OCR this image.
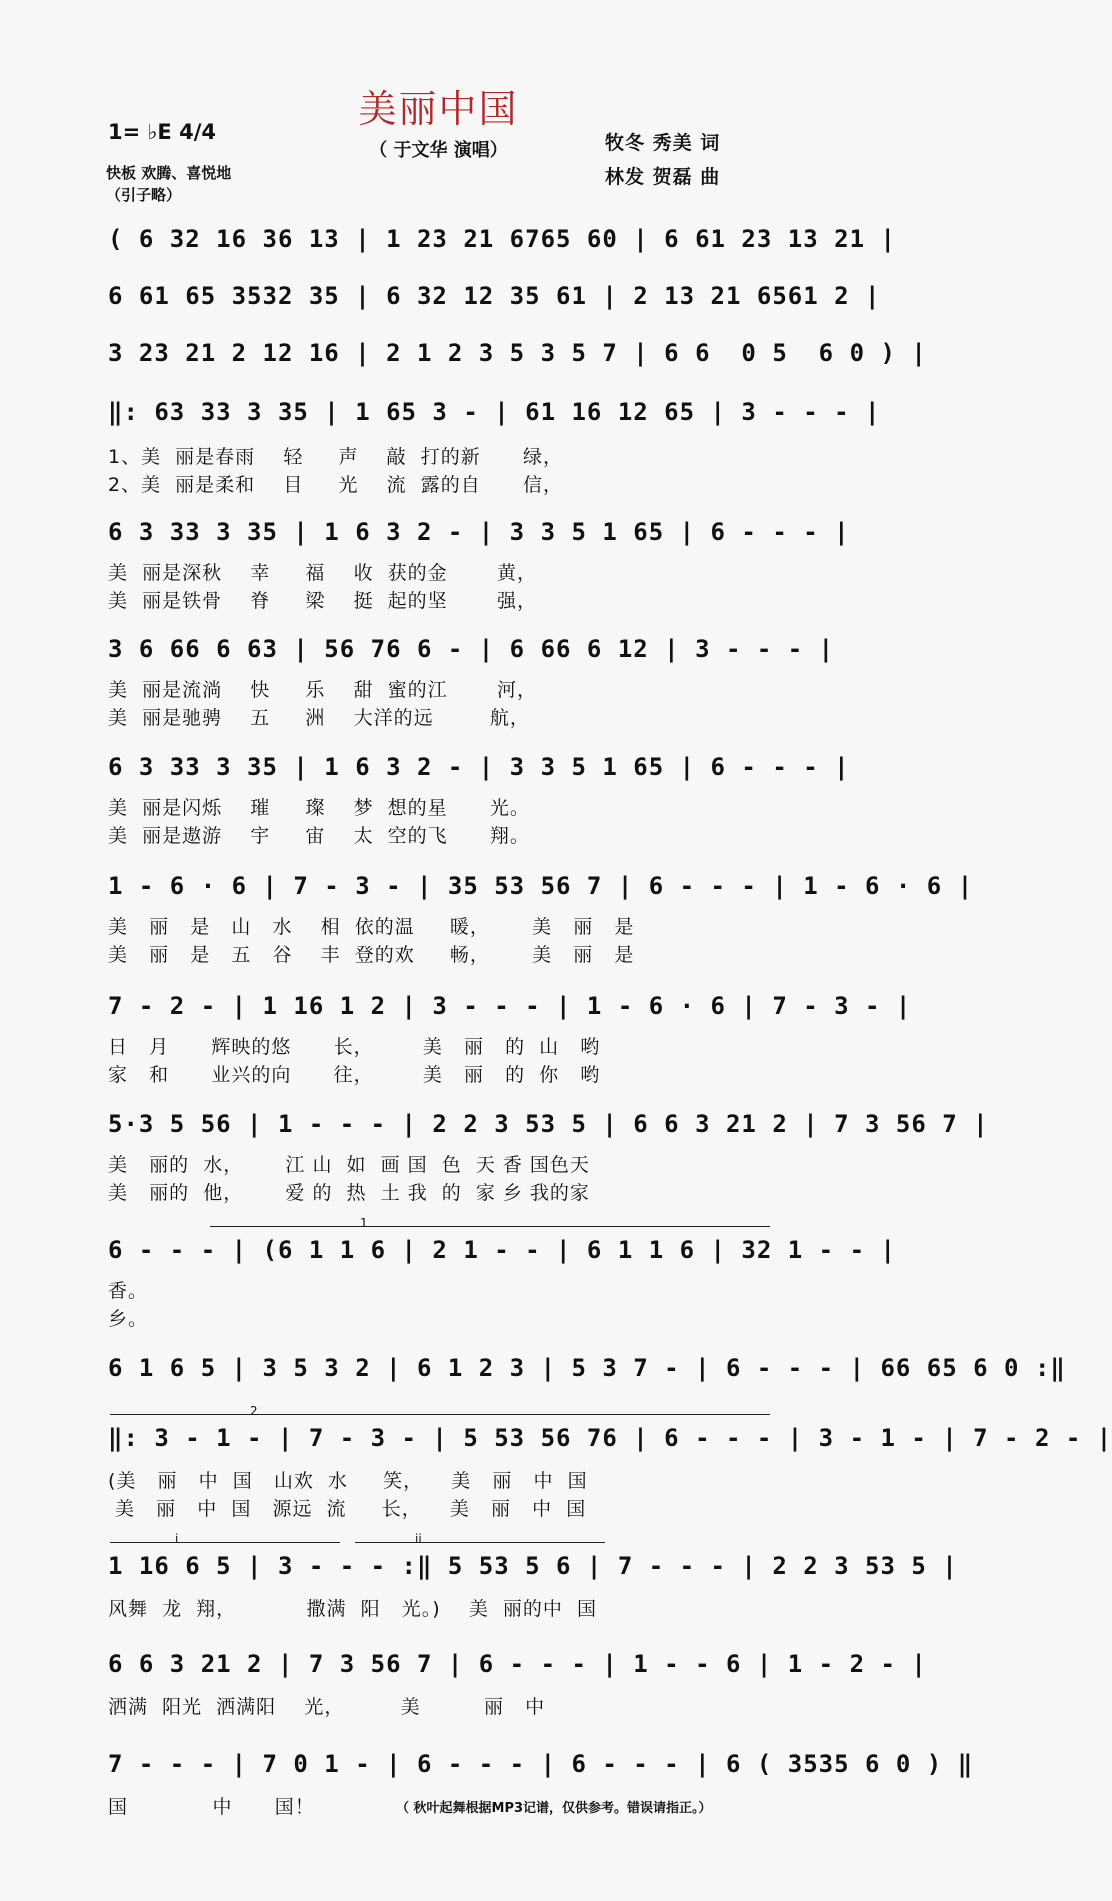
美丽中国
（ 于文华 演唱）
1= ♭E 4/4
快板 欢腾、喜悦地
（引子略）
牧冬 秀美 词
林发 贺磊 曲
( 6 32 16 36 13 | 1 23 21 6765 60 | 6 61 23 13 21 |
6 61 65 3532 35 | 6 32 12 35 61 | 2 13 21 6561 2 |
3 23 21 2 12 16 | 2 1 2 3 5 3 5 7 | 6 6  0 5  6 0 ) |
‖: 63 33 3 35 | 1 65 3 - | 61 16 12 65 | 3 - - - |
1、美  丽是春雨    轻     声    敲  打的新      绿，
2、美  丽是柔和    目     光    流  露的自      信，
6 3 33 3 35 | 1 6 3 2 - | 3 3 5 1 65 | 6 - - - |
美  丽是深秋    幸     福    收  获的金       黄，
美  丽是铁骨    脊     梁    挺  起的坚       强，
3 6 66 6 63 | 56 76 6 - | 6 66 6 12 | 3 - - - |
美  丽是流淌    快     乐    甜  蜜的江       河，
美  丽是驰骋    五     洲    大洋的远        航，
6 3 33 3 35 | 1 6 3 2 - | 3 3 5 1 65 | 6 - - - |
美  丽是闪烁    璀     璨    梦  想的星      光。
美  丽是遨游    宇     宙    太  空的飞      翔。
1 - 6 · 6 | 7 - 3 - | 35 53 56 7 | 6 - - - | 1 - 6 · 6 |
美   丽   是   山   水    相  依的温     暖，      美   丽   是
美   丽   是   五   谷    丰  登的欢     畅，      美   丽   是
7 - 2 - | 1 16 1 2 | 3 - - - | 1 - 6 · 6 | 7 - 3 - |
日   月      辉映的悠      长，       美   丽   的  山   哟
家   和      业兴的向      往，       美   丽   的  你   哟
5·3 5 56 | 1 - - - | 2 2 3 53 5 | 6 6 3 21 2 | 7 3 56 7 |
美   丽的  水，      江 山  如  画 国  色  天 香 国色天
美   丽的  他，      爱 的  热  土 我  的  家 乡 我的家
1
6 - - - | (6 1 1 6 | 2 1 - - | 6 1 1 6 | 32 1 - - |
香。
乡。
6 1 6 5 | 3 5 3 2 | 6 1 2 3 | 5 3 7 - | 6 - - - | 66 65 6 0 :‖
2
‖: 3 - 1 - | 7 - 3 - | 5 53 56 76 | 6 - - - | 3 - 1 - | 7 - 2 - |
(美   丽   中  国   山欢  水     笑，    美   丽   中  国
美   丽   中  国   源远  流     长，    美   丽   中  国
i	ii
1 16 6 5 | 3 - - - :‖ 5 53 5 6 | 7 - - - | 2 2 3 53 5 |
风舞  龙  翔，          撒满  阳   光。)    美  丽的中  国
6 6 3 21 2 | 7 3 56 7 | 6 - - - | 1 - - 6 | 1 - 2 - |
洒满  阳光  洒满阳    光，        美         丽   中
7 - - - | 7 0 1 - | 6 - - - | 6 - - - | 6 ( 3535 6 0 ) ‖
国            中      国！	（ 秋叶起舞根据MP3记谱，仅供参考。错误请指正。）
